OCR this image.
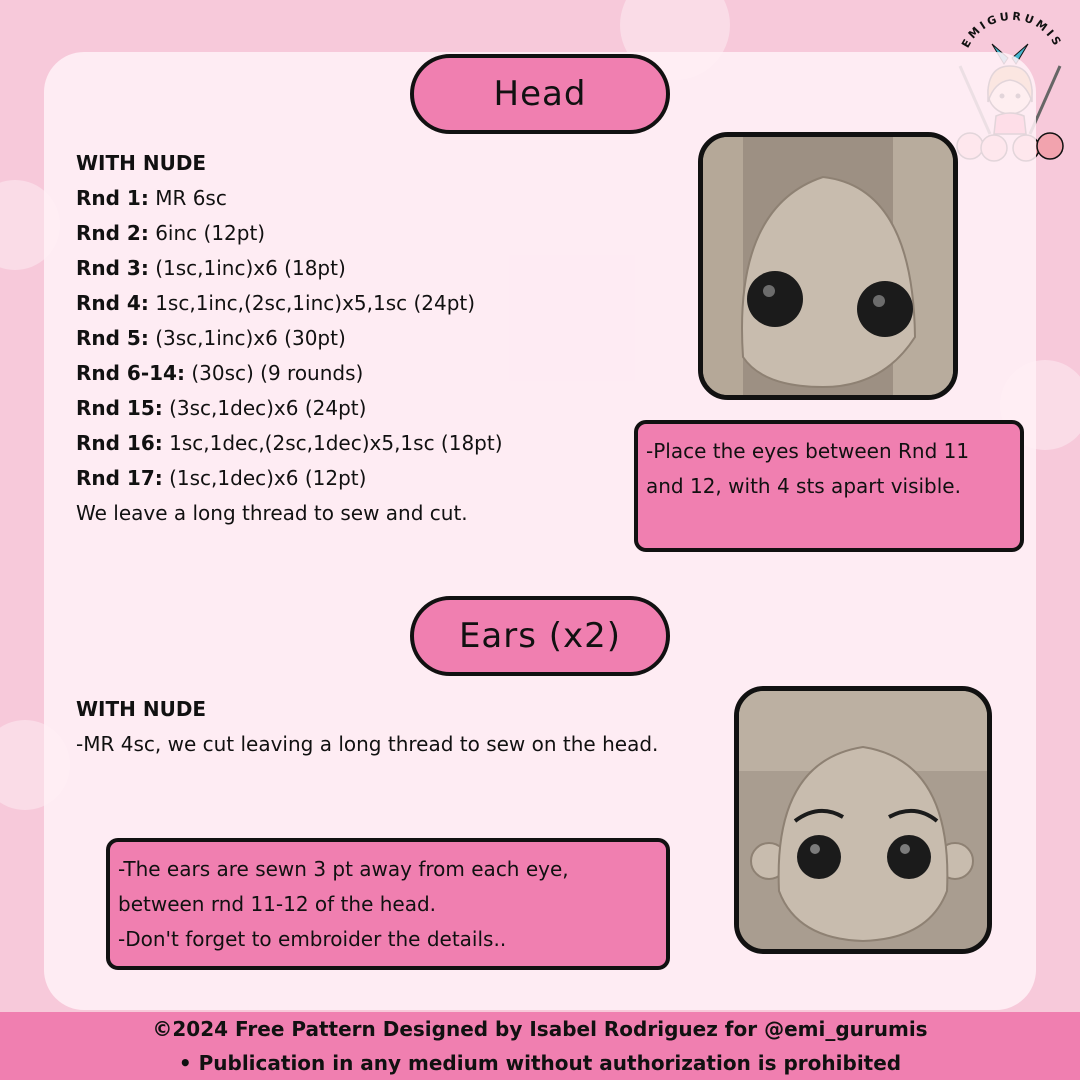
EMIGURUMIS
Head
WITH NUDE
Rnd 1: MR 6sc
Rnd 2: 6inc (12pt)
Rnd 3: (1sc,1inc)x6 (18pt)
Rnd 4: 1sc,1inc,(2sc,1inc)x5,1sc (24pt)
Rnd 5: (3sc,1inc)x6 (30pt)
Rnd 6-14: (30sc) (9 rounds)
Rnd 15: (3sc,1dec)x6 (24pt)
Rnd 16: 1sc,1dec,(2sc,1dec)x5,1sc (18pt)
Rnd 17: (1sc,1dec)x6 (12pt)
We leave a long thread to sew and cut.
-Place the eyes between Rnd 11 and 12, with 4 sts apart visible.
Ears (x2)
WITH NUDE
-MR 4sc, we cut leaving a long thread to sew on the head.
-The ears are sewn 3 pt away from each eye,
between rnd 11-12 of the head.
-Don't forget to embroider the details..
©2024 Free Pattern Designed by Isabel Rodriguez for @emi_gurumis
• Publication in any medium without authorization is prohibited
